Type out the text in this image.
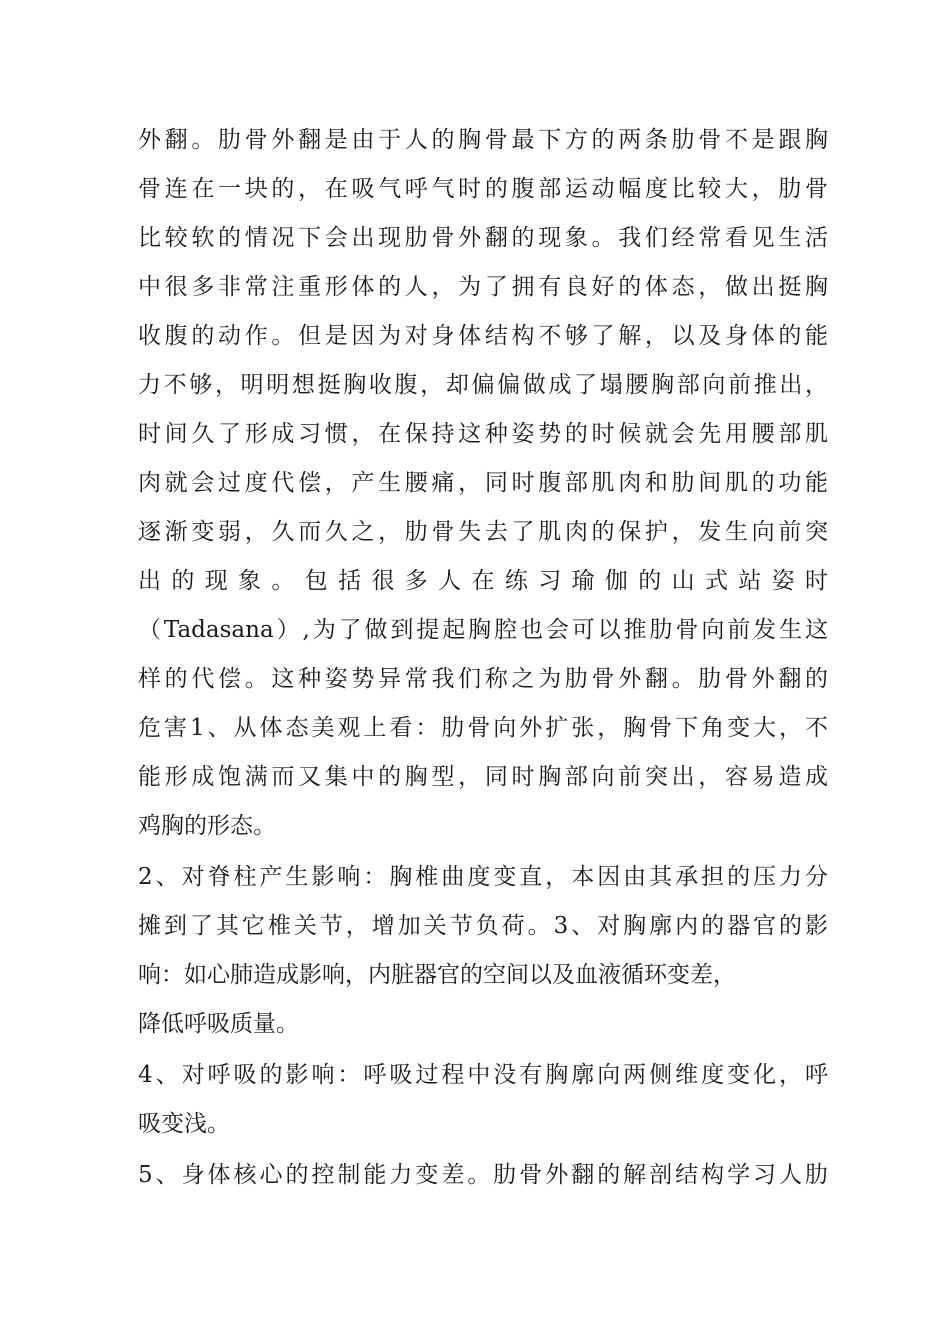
外翻。肋骨外翻是由于人的胸骨最下方的两条肋骨不是跟胸
骨连在一块的，在吸气呼气时的腹部运动幅度比较大，肋骨
比较软的情况下会出现肋骨外翻的现象。我们经常看见生活
中很多非常注重形体的人，为了拥有良好的体态，做出挺胸
收腹的动作。但是因为对身体结构不够了解，以及身体的能
力不够，明明想挺胸收腹，却偏偏做成了塌腰胸部向前推出，
时间久了形成习惯，在保持这种姿势的时候就会先用腰部肌
肉就会过度代偿，产生腰痛，同时腹部肌肉和肋间肌的功能
逐渐变弱，久而久之，肋骨失去了肌肉的保护，发生向前突
出的现象。包括很多人在练习瑜伽的山式站姿时
（Tadasana）,为了做到提起胸腔也会可以推肋骨向前发生这
样的代偿。这种姿势异常我们称之为肋骨外翻。肋骨外翻的
危害1、从体态美观上看：肋骨向外扩张，胸骨下角变大，不
能形成饱满而又集中的胸型，同时胸部向前突出，容易造成
鸡胸的形态。
2、对脊柱产生影响：胸椎曲度变直，本因由其承担的压力分
摊到了其它椎关节，增加关节负荷。3、对胸廓内的器官的影
响：如心肺造成影响，内脏器官的空间以及血液循环变差，
降低呼吸质量。
4、对呼吸的影响：呼吸过程中没有胸廓向两侧维度变化，呼
吸变浅。
5、身体核心的控制能力变差。肋骨外翻的解剖结构学习人肋
